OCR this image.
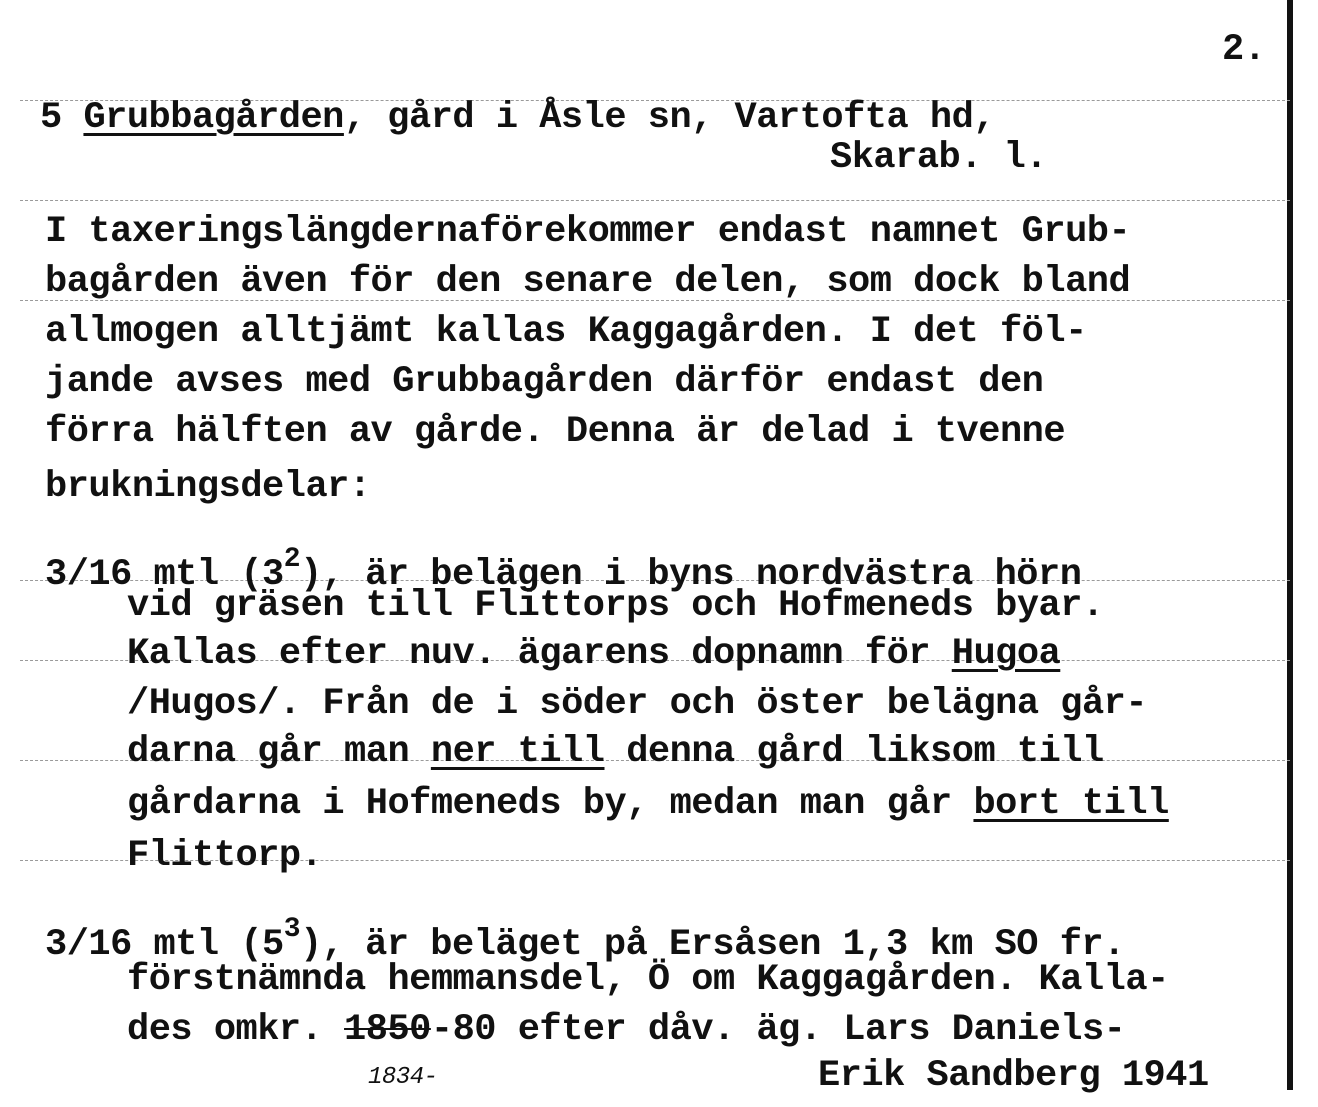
2.
5 Grubbagården, gård i Åsle sn, Vartofta hd,
Skarab. l.
I taxeringslängdernaförekommer endast namnet Grub-
bagården även för den senare delen, som dock bland
allmogen alltjämt kallas Kaggagården. I det föl-
jande avses med Grubbagården därför endast den
förra hälften av gårde. Denna är delad i tvenne
brukningsdelar:
3/16 mtl $(3^2)$, är belägen i byns nordvästra hörn
vid gräsen till Flittorps och Hofmeneds byar.
Kallas efter nuv. ägarens dopnamn för Hugoa
/Hugos/. Från de i söder och öster belägna går-
darna går man ner till denna gård liksom till
gårdarna i Hofmeneds by, medan man går bort till
Flittorp.
3/16 mtl $(5^3)$, är beläget på Ersåsen 1,3 km SO fr.
förstnämnda hemmansdel, Ö om Kaggagården. Kalla-
des omkr. 1850-80 efter dåv. äg. Lars Daniels-
1834-	Erik Sandberg 1941
